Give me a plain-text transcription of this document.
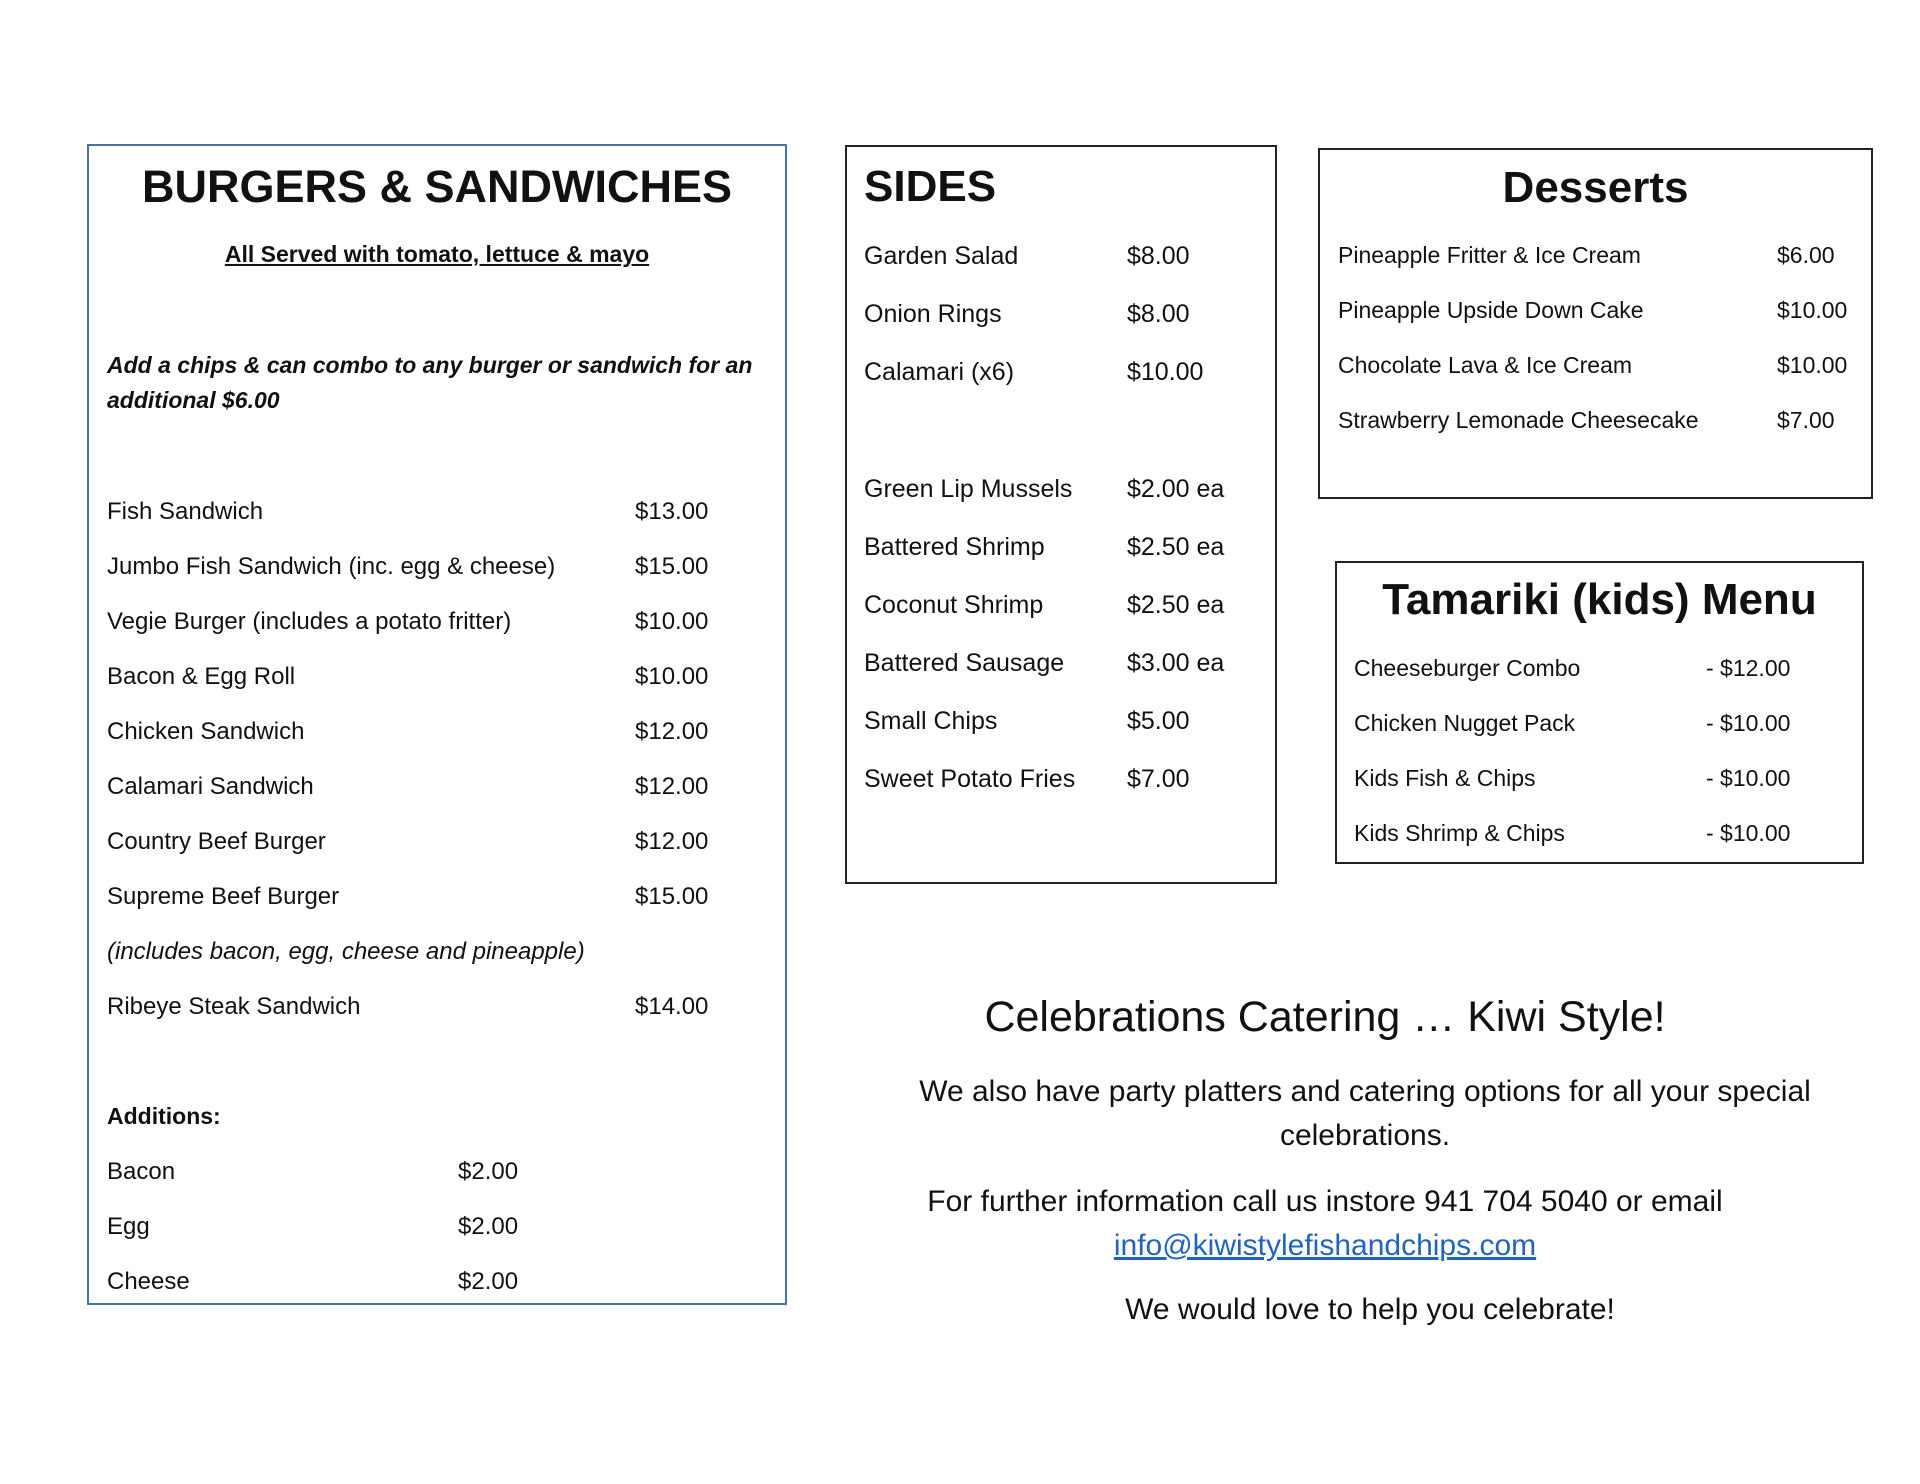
BURGERS & SANDWICHES
All Served with tomato, lettuce & mayo
Add a chips & can combo to any burger or sandwich for an additional $6.00
Fish Sandwich	$13.00
Jumbo Fish Sandwich (inc. egg & cheese)	$15.00
Vegie Burger (includes a potato fritter)	$10.00
Bacon & Egg Roll	$10.00
Chicken Sandwich	$12.00
Calamari Sandwich	$12.00
Country Beef Burger	$12.00
Supreme Beef Burger	$15.00
(includes bacon, egg, cheese and pineapple)
Ribeye Steak Sandwich	$14.00
Additions:
Bacon	$2.00
Egg	$2.00
Cheese	$2.00
SIDES
Garden Salad	$8.00
Onion Rings	$8.00
Calamari (x6)	$10.00
Green Lip Mussels $2.00 ea
Battered Shrimp	$2.50 ea
Coconut Shrimp	$2.50 ea
Battered Sausage	$3.00 ea
Small Chips	$5.00
Sweet Potato Fries $7.00
Desserts
Pineapple Fritter & Ice Cream	$6.00
Pineapple Upside Down Cake	$10.00
Chocolate Lava & Ice Cream	$10.00
Strawberry Lemonade Cheesecake	$7.00
Tamariki (kids) Menu
Cheeseburger Combo	- $12.00
Chicken Nugget Pack	- $10.00
Kids Fish & Chips	- $10.00
Kids Shrimp & Chips	- $10.00
Celebrations Catering … Kiwi Style!
We also have party platters and catering options for all your special celebrations.
For further information call us instore 941 704 5040 or email
info@kiwistylefishandchips.com
We would love to help you celebrate!
